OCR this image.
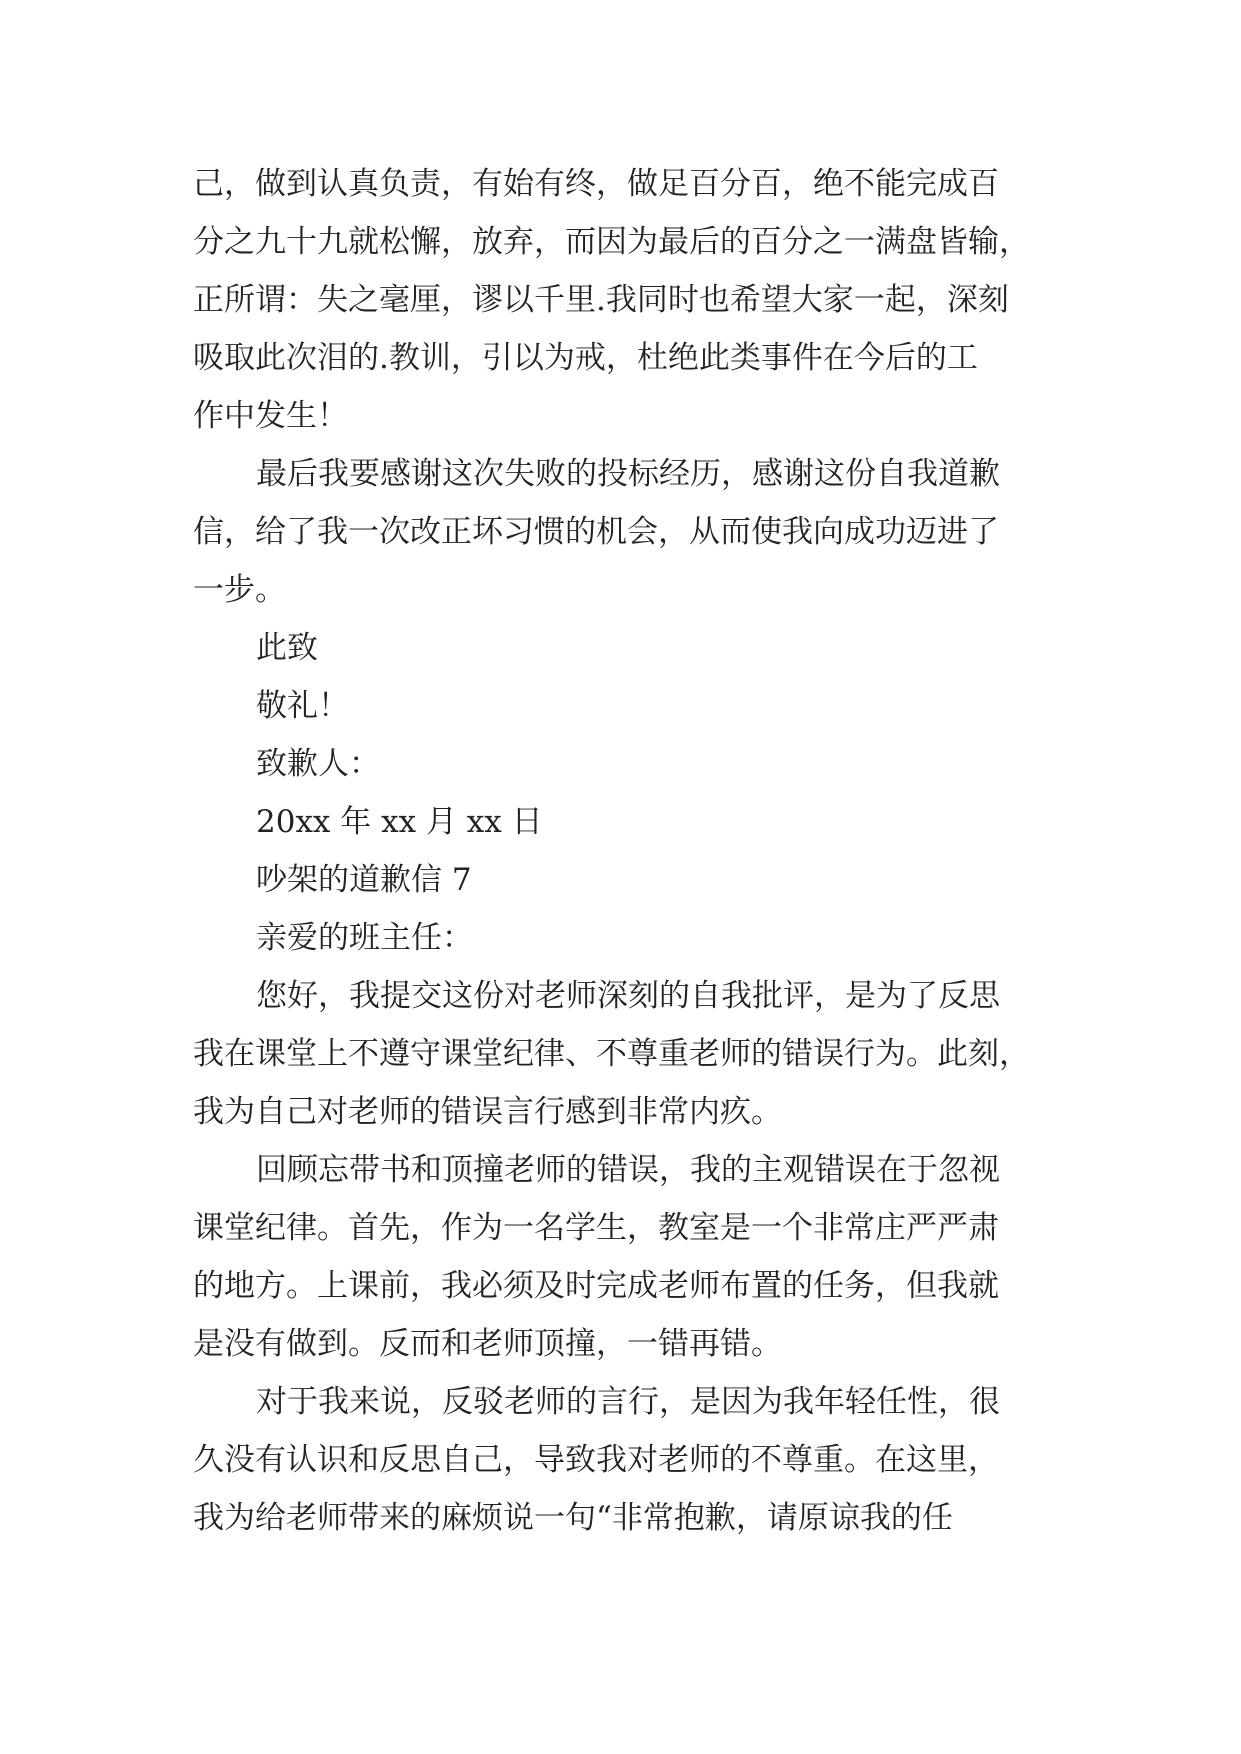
己，做到认真负责，有始有终，做足百分百，绝不能完成百
分之九十九就松懈，放弃，而因为最后的百分之一满盘皆输，
正所谓：失之毫厘，谬以千里.我同时也希望大家一起，深刻
吸取此次泪的.教训，引以为戒，杜绝此类事件在今后的工
作中发生！
最后我要感谢这次失败的投标经历，感谢这份自我道歉
信，给了我一次改正坏习惯的机会，从而使我向成功迈进了
一步。
此致
敬礼！
致歉人：
20xx 年 xx 月 xx 日
吵架的道歉信 7
亲爱的班主任：
您好，我提交这份对老师深刻的自我批评，是为了反思
我在课堂上不遵守课堂纪律、不尊重老师的错误行为。此刻，
我为自己对老师的错误言行感到非常内疚。
回顾忘带书和顶撞老师的错误，我的主观错误在于忽视
课堂纪律。首先，作为一名学生，教室是一个非常庄严严肃
的地方。上课前，我必须及时完成老师布置的任务，但我就
是没有做到。反而和老师顶撞，一错再错。
对于我来说，反驳老师的言行，是因为我年轻任性，很
久没有认识和反思自己，导致我对老师的不尊重。在这里，
我为给老师带来的麻烦说一句“非常抱歉，请原谅我的任
